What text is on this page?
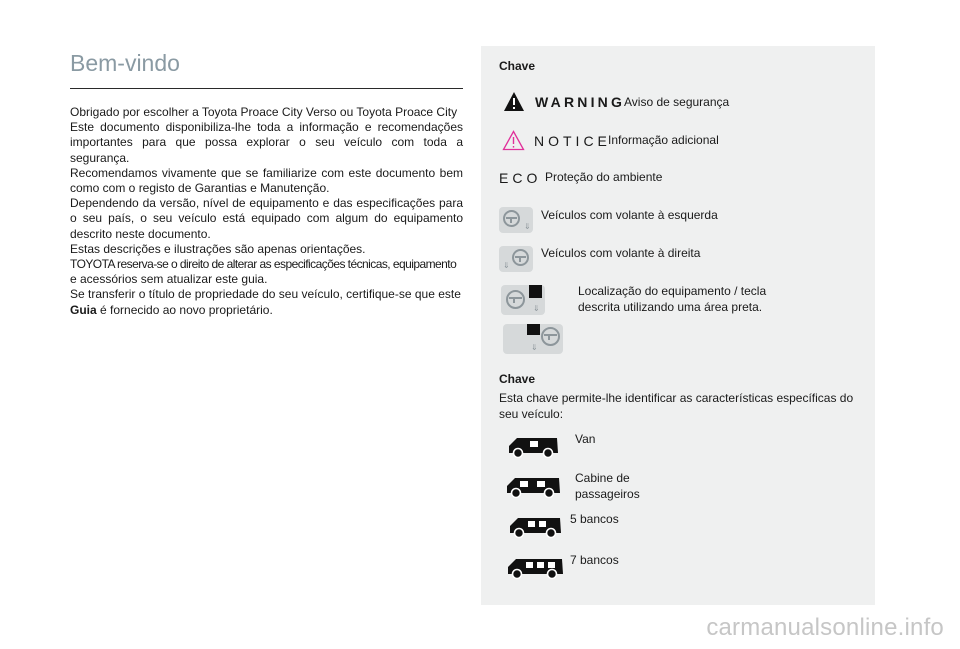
Bem-vindo

Obrigado por escolher a Toyota Proace City Verso ou Toyota Proace City

Este documento disponibiliza-lhe toda a informação e recomendações importantes para que possa explorar o seu veículo com toda a segurança.

Recomendamos vivamente que se familiarize com este documento bem como com o registo de Garantias e Manutenção.

Dependendo da versão, nível de equipamento e das especificações para o seu país, o seu veículo está equipado com algum do equipamento descrito neste documento.

Estas descrições e ilustrações são apenas orientações.

TOYOTA reserva-se o direito de alterar as especificações técnicas, equipamento

e acessórios sem atualizar este guia.

Se transferir o título de propriedade do seu veículo, certifique-se que este

Guia é fornecido ao novo proprietário.

Chave
WARNING
Aviso de segurança
NOTICE
Informação adicional
ECO Proteção do ambiente
⇓
Veículos com volante à esquerda
⇓
Veículos com volante à direita
⇓
⇓
Localização do equipamento / tecla descrita utilizando uma área preta.
Chave
Esta chave permite-lhe identificar as características específicas do seu veículo:
Van
Cabine de passageiros
5 bancos
7 bancos
carmanualsonline.info
